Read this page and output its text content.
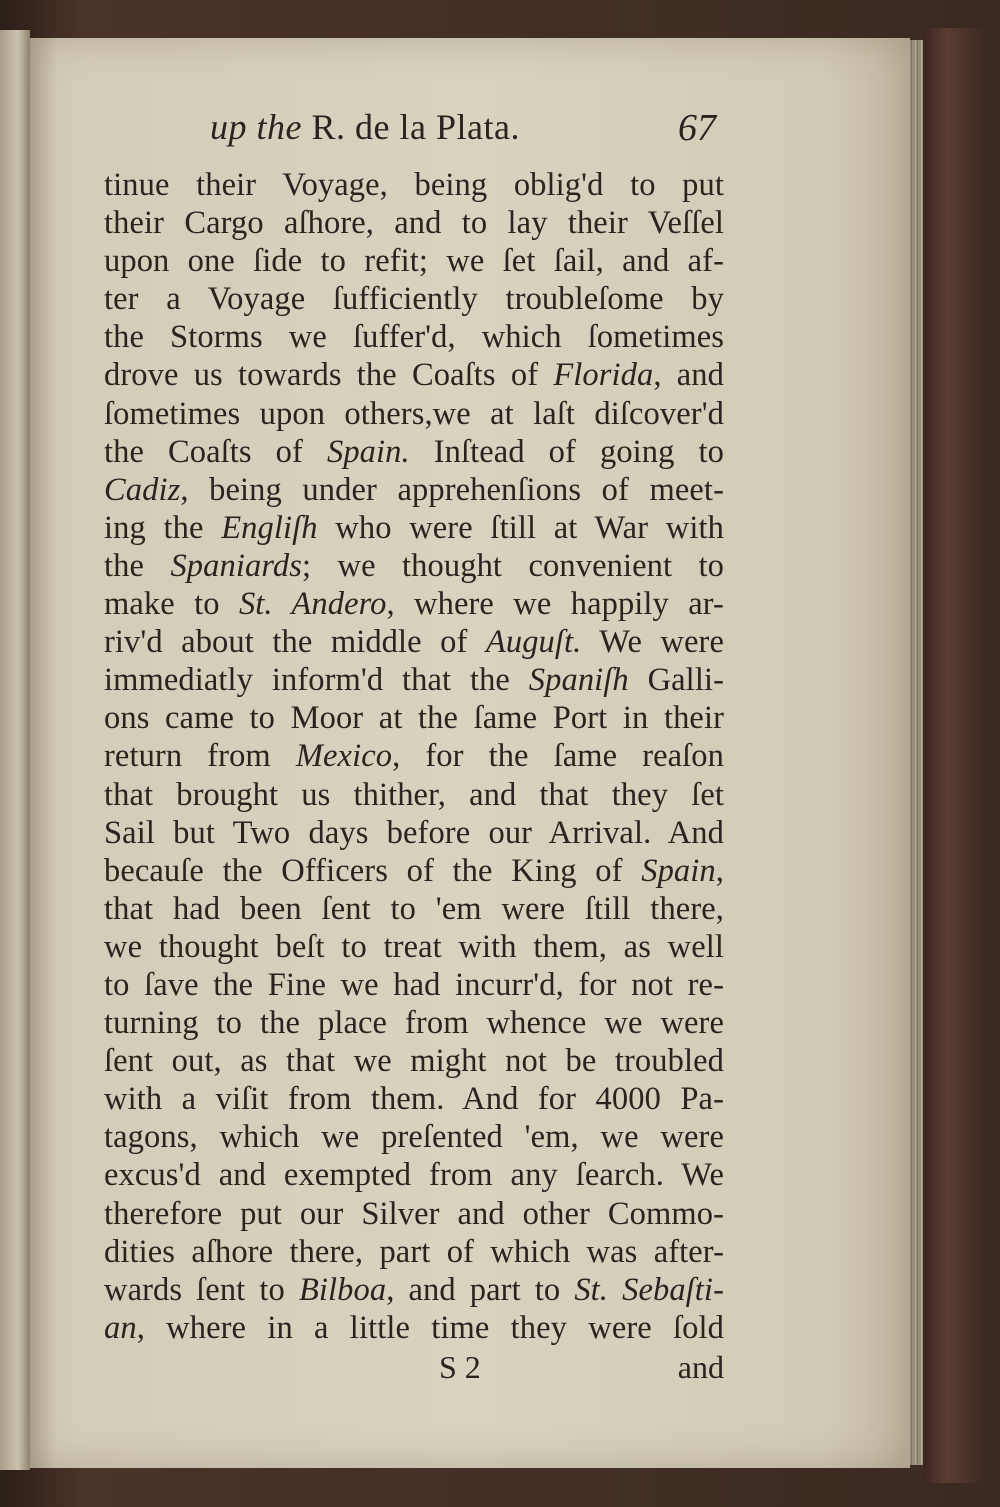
up the R. de la Plata.	67
tinue their Voyage, being oblig'd to put
their Cargo aſhore, and to lay their Veſſel
upon one ſide to refit; we ſet ſail, and af-
ter a Voyage ſufficiently troubleſome by
the Storms we ſuffer'd, which ſometimes
drove us towards the Coaſts of Florida, and
ſometimes upon others,we at laſt diſcover'd
the Coaſts of Spain. Inſtead of going to
Cadiz, being under apprehenſions of meet-
ing the Engliſh who were ſtill at War with
the Spaniards; we thought convenient to
make to St. Andero, where we happily ar-
riv'd about the middle of Auguſt. We were
immediatly inform'd that the Spaniſh Galli-
ons came to Moor at the ſame Port in their
return from Mexico, for the ſame reaſon
that brought us thither, and that they ſet
Sail but Two days before our Arrival. And
becauſe the Officers of the King of Spain,
that had been ſent to 'em were ſtill there,
we thought beſt to treat with them, as well
to ſave the Fine we had incurr'd, for not re-
turning to the place from whence we were
ſent out, as that we might not be troubled
with a viſit from them. And for 4000 Pa-
tagons, which we preſented 'em, we were
excus'd and exempted from any ſearch. We
therefore put our Silver and other Commo-
dities aſhore there, part of which was after-
wards ſent to Bilboa, and part to St. Sebaſti-
an, where in a little time they were ſold
S 2	and
